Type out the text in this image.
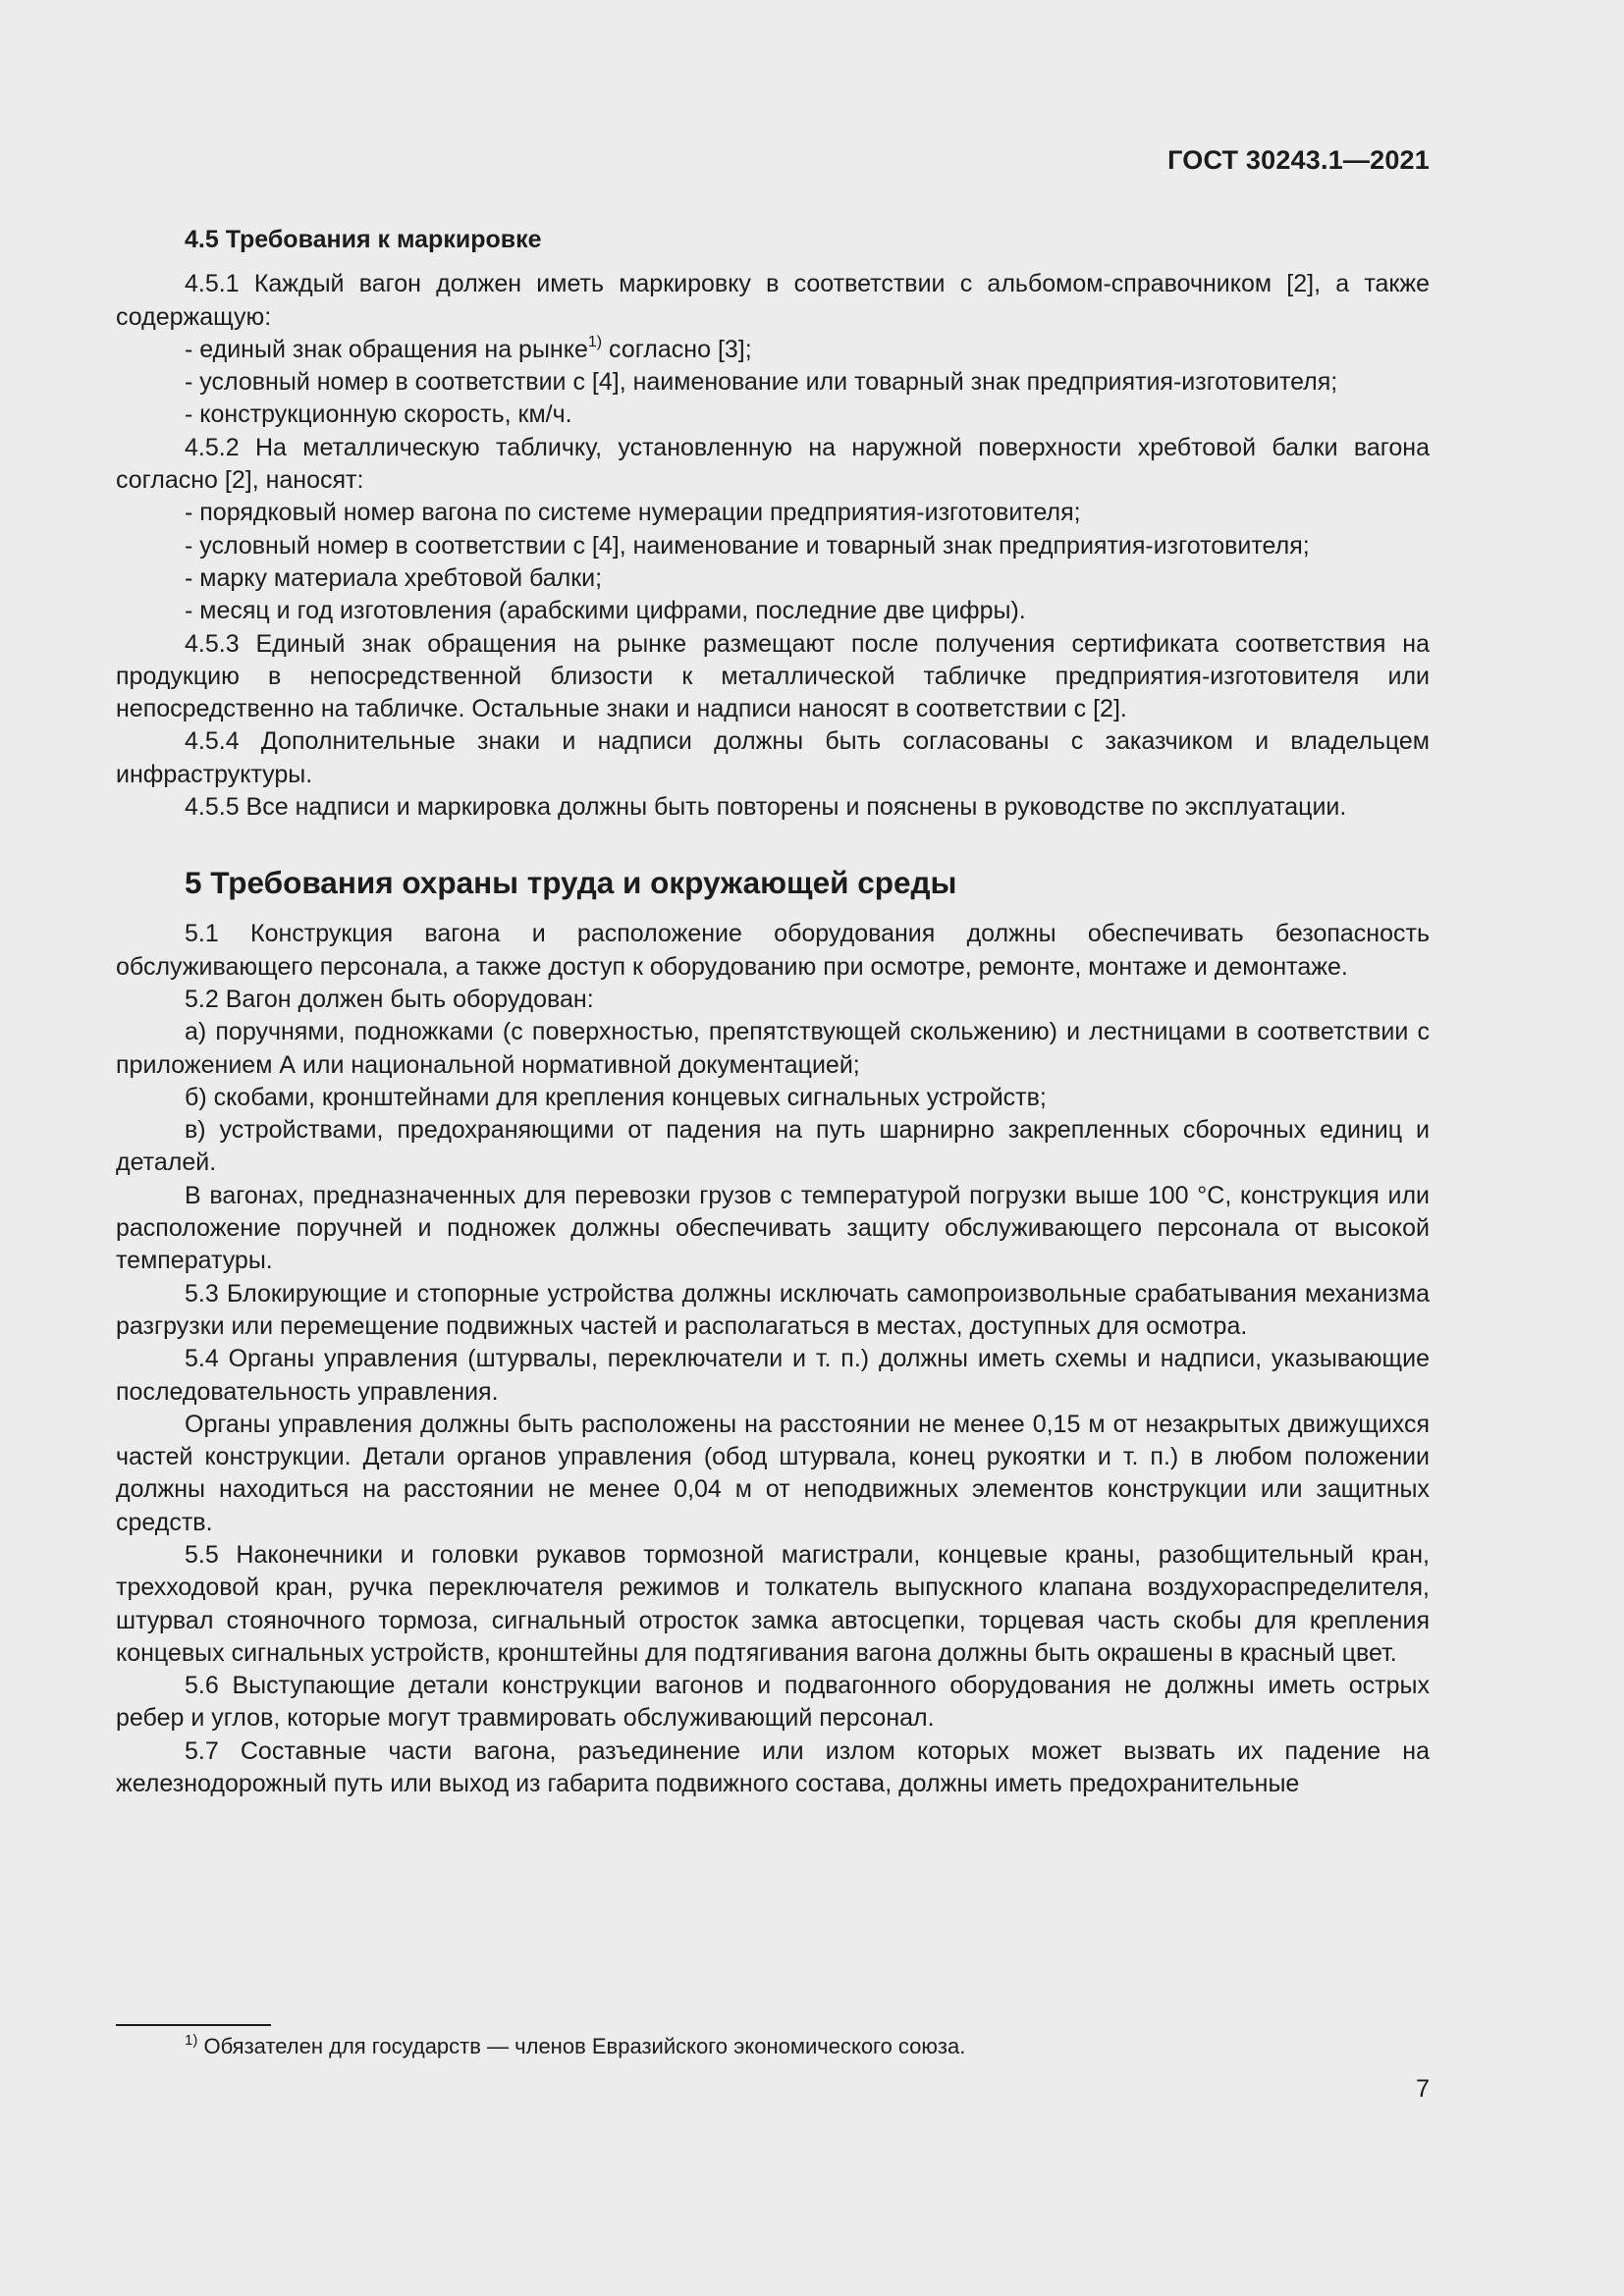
ГОСТ 30243.1—2021

4.5 Требования к маркировке

4.5.1 Каждый вагон должен иметь маркировку в соответствии с альбомом-справочником [2], а также содержащую:

- единый знак обращения на рынке$^{1)}$ согласно [3];

- условный номер в соответствии с [4], наименование или товарный знак предприятия-изготовителя;

- конструкционную скорость, км/ч.

4.5.2 На металлическую табличку, установленную на наружной поверхности хребтовой балки вагона согласно [2], наносят:

- порядковый номер вагона по системе нумерации предприятия-изготовителя;

- условный номер в соответствии с [4], наименование и товарный знак предприятия-изготовителя;

- марку материала хребтовой балки;

- месяц и год изготовления (арабскими цифрами, последние две цифры).

4.5.3 Единый знак обращения на рынке размещают после получения сертификата соответствия на продукцию в непосредственной близости к металлической табличке предприятия-изготовителя или непосредственно на табличке. Остальные знаки и надписи наносят в соответствии с [2].

4.5.4 Дополнительные знаки и надписи должны быть согласованы с заказчиком и владельцем инфраструктуры.

4.5.5 Все надписи и маркировка должны быть повторены и пояснены в руководстве по эксплуатации.

5 Требования охраны труда и окружающей среды

5.1 Конструкция вагона и расположение оборудования должны обеспечивать безопасность обслуживающего персонала, а также доступ к оборудованию при осмотре, ремонте, монтаже и демонтаже.

5.2 Вагон должен быть оборудован:

а) поручнями, подножками (с поверхностью, препятствующей скольжению) и лестницами в соответствии с приложением А или национальной нормативной документацией;

б) скобами, кронштейнами для крепления концевых сигнальных устройств;

в) устройствами, предохраняющими от падения на путь шарнирно закрепленных сборочных единиц и деталей.

В вагонах, предназначенных для перевозки грузов с температурой погрузки выше 100 °С, конструкция или расположение поручней и подножек должны обеспечивать защиту обслуживающего персонала от высокой температуры.

5.3 Блокирующие и стопорные устройства должны исключать самопроизвольные срабатывания механизма разгрузки или перемещение подвижных частей и располагаться в местах, доступных для осмотра.

5.4 Органы управления (штурвалы, переключатели и т. п.) должны иметь схемы и надписи, указывающие последовательность управления.

Органы управления должны быть расположены на расстоянии не менее 0,15 м от незакрытых движущихся частей конструкции. Детали органов управления (обод штурвала, конец рукоятки и т. п.) в любом положении должны находиться на расстоянии не менее 0,04 м от неподвижных элементов конструкции или защитных средств.

5.5 Наконечники и головки рукавов тормозной магистрали, концевые краны, разобщительный кран, трехходовой кран, ручка переключателя режимов и толкатель выпускного клапана воздухораспределителя, штурвал стояночного тормоза, сигнальный отросток замка автосцепки, торцевая часть скобы для крепления концевых сигнальных устройств, кронштейны для подтягивания вагона должны быть окрашены в красный цвет.

5.6 Выступающие детали конструкции вагонов и подвагонного оборудования не должны иметь острых ребер и углов, которые могут травмировать обслуживающий персонал.

5.7 Составные части вагона, разъединение или излом которых может вызвать их падение на железнодорожный путь или выход из габарита подвижного состава, должны иметь предохранительные

$^{1)}$ Обязателен для государств — членов Евразийского экономического союза.
7
